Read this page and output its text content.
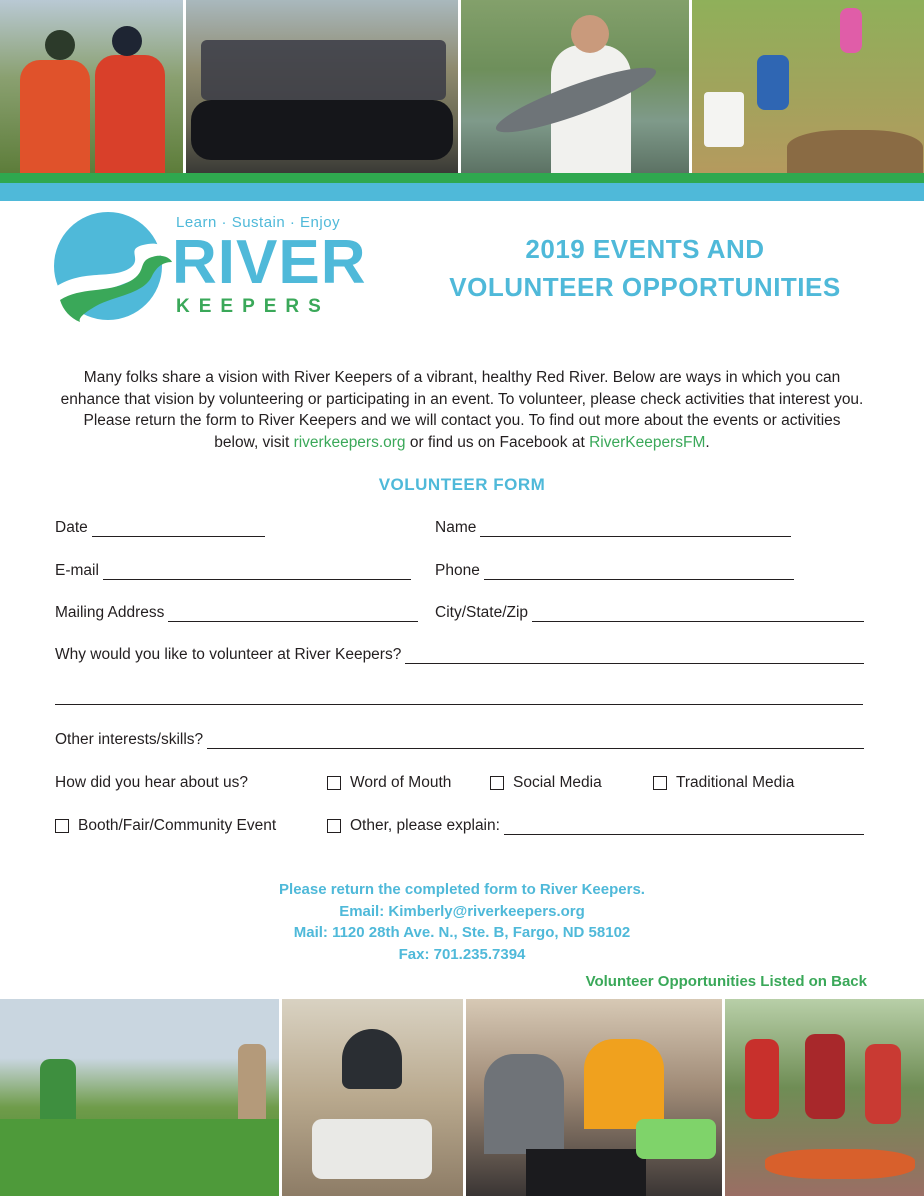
Learn · Sustain · Enjoy
RIVER
KEEPERS
2019 EVENTS AND
VOLUNTEER OPPORTUNITIES
Many folks share a vision with River Keepers of a vibrant, healthy Red River. Below are ways in which you can enhance that vision by volunteering or participating in an event. To volunteer, please check activities that interest you. Please return the form to River Keepers and we will contact you. To find out more about the events or activities below, visit riverkeepers.org or find us on Facebook at RiverKeepersFM.
VOLUNTEER FORM
Date	Name
E-mail	Phone
Mailing Address	City/State/Zip
Why would you like to volunteer at River Keepers?
Other interests/skills?
How did you hear about us?	Word of Mouth	Social Media	Traditional Media
Booth/Fair/Community Event	Other, please explain:
Please return the completed form to River Keepers.
Email: Kimberly@riverkeepers.org
Mail: 1120 28th Ave. N., Ste. B, Fargo, ND 58102
Fax: 701.235.7394
Volunteer Opportunities Listed on Back
